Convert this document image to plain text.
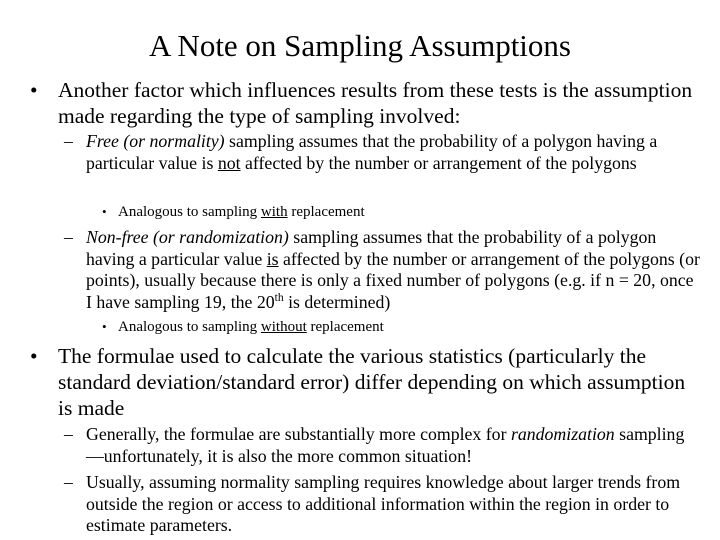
A Note on Sampling Assumptions
• Another factor which influences results from these tests is the assumption made regarding the type of sampling involved:
– Free (or normality) sampling assumes that the probability of a polygon having a particular value is not affected by the number or arrangement of the polygons
• Analogous to sampling with replacement
– Non-free (or randomization) sampling assumes that the probability of a polygon having a particular value is affected by the number or arrangement of the polygons (or points), usually because there is only a fixed number of polygons (e.g. if n = 20, once I have sampling 19, the 20th is determined)
• Analogous to sampling without replacement
• The formulae used to calculate the various statistics (particularly the standard deviation/standard error) differ depending on which assumption is made
– Generally, the formulae are substantially more complex for randomization sampling—unfortunately, it is also the more common situation!
– Usually, assuming normality sampling requires knowledge about larger trends from outside the region or access to additional information within the region in order to estimate parameters.
